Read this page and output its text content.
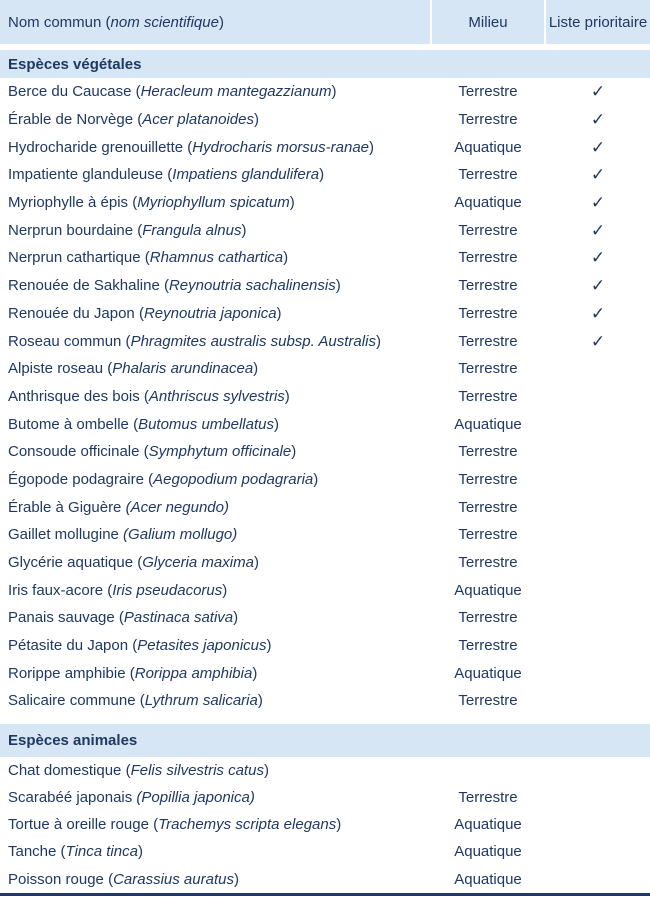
Nom commun (nom scientifique)	Milieu	Liste prioritaire
Espèces végétales
Berce du Caucase (Heracleum mantegazzianum)	Terrestre	✓
Érable de Norvège (Acer platanoides)	Terrestre	✓
Hydrocharide grenouillette (Hydrocharis morsus-ranae)	Aquatique	✓
Impatiente glanduleuse (Impatiens glandulifera)	Terrestre	✓
Myriophylle à épis (Myriophyllum spicatum)	Aquatique	✓
Nerprun bourdaine (Frangula alnus)	Terrestre	✓
Nerprun cathartique (Rhamnus cathartica)	Terrestre	✓
Renouée de Sakhaline (Reynoutria sachalinensis)	Terrestre	✓
Renouée du Japon (Reynoutria japonica)	Terrestre	✓
Roseau commun (Phragmites australis subsp. Australis)	Terrestre	✓
Alpiste roseau (Phalaris arundinacea)	Terrestre
Anthrisque des bois (Anthriscus sylvestris)	Terrestre
Butome à ombelle (Butomus umbellatus)	Aquatique
Consoude officinale (Symphytum officinale)	Terrestre
Égopode podagraire (Aegopodium podagraria)	Terrestre
Érable à Giguère (Acer negundo)	Terrestre
Gaillet mollugine (Galium mollugo)	Terrestre
Glycérie aquatique (Glyceria maxima)	Terrestre
Iris faux-acore (Iris pseudacorus)	Aquatique
Panais sauvage (Pastinaca sativa)	Terrestre
Pétasite du Japon (Petasites japonicus)	Terrestre
Rorippe amphibie (Rorippa amphibia)	Aquatique
Salicaire commune (Lythrum salicaria)	Terrestre
Espèces animales
Chat domestique (Felis silvestris catus)
Scarabéé japonais (Popillia japonica)	Terrestre
Tortue à oreille rouge (Trachemys scripta elegans)	Aquatique
Tanche (Tinca tinca)	Aquatique
Poisson rouge (Carassius auratus)	Aquatique
